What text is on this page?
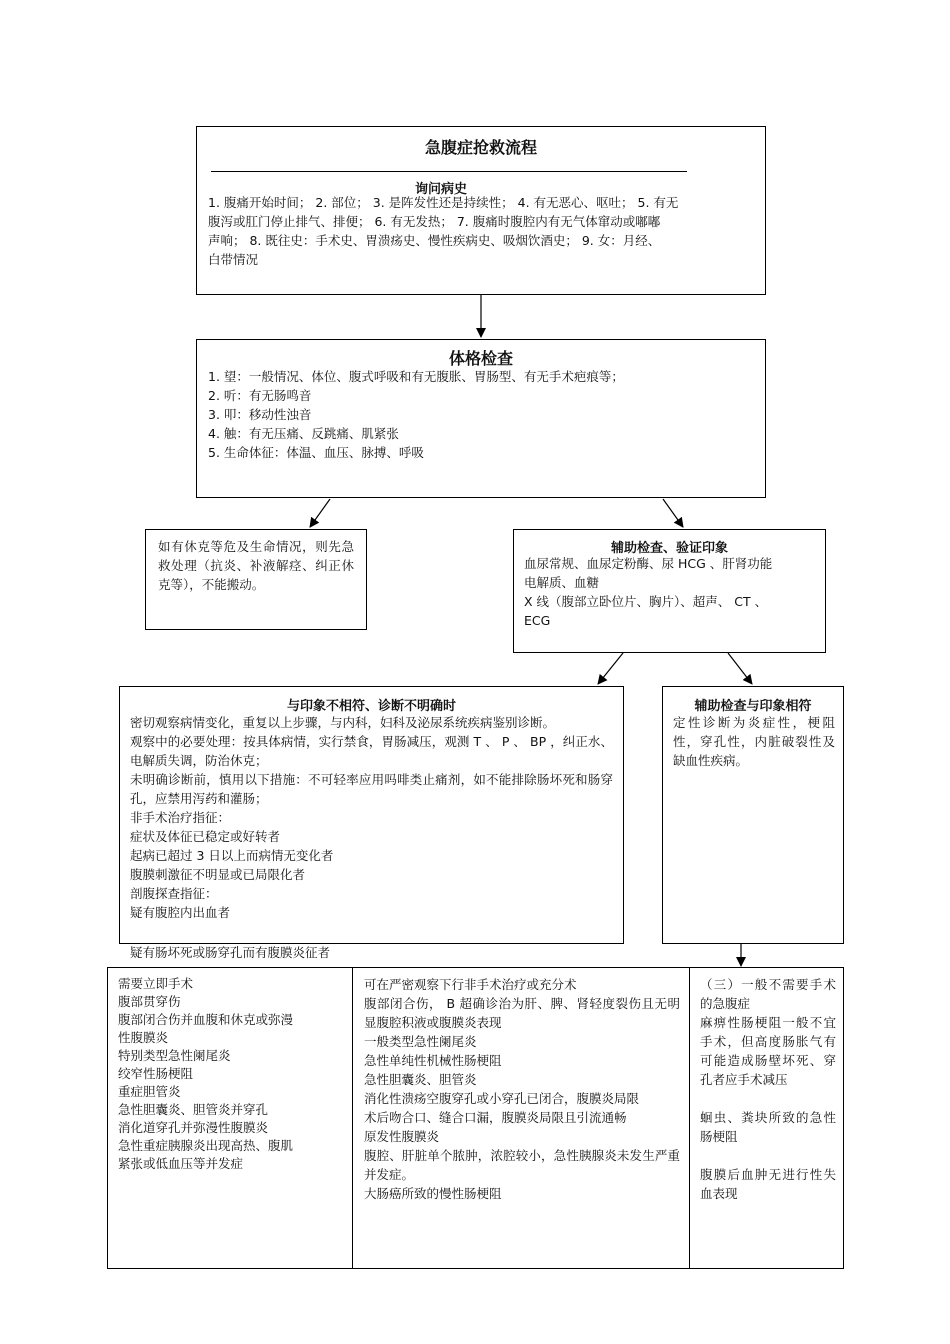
急腹症抢救流程
询问病史
1. 腹痛开始时间； 2. 部位； 3. 是阵发性还是持续性； 4. 有无恶心、呕吐； 5. 有无
腹泻或肛门停止排气、排便； 6. 有无发热； 7. 腹痛时腹腔内有无气体窜动或嘟嘟
声响； 8. 既往史：手术史、胃溃疡史、慢性疾病史、吸烟饮酒史； 9. 女：月经、
白带情况
体格检查
1. 望：一般情况、体位、腹式呼吸和有无腹胀、胃肠型、有无手术疤痕等；
2. 听：有无肠鸣音
3. 叩：移动性浊音
4. 触：有无压痛、反跳痛、肌紧张
5. 生命体征：体温、血压、脉搏、呼吸
如有休克等危及生命情况，则先急救处理（抗炎、补液解痉、纠正休克等），不能搬动。
辅助检查、验证印象
血尿常规、血尿定粉酶、尿 HCG 、肝肾功能
电解质、血糖
X 线（腹部立卧位片、胸片）、超声、 CT 、
ECG
与印象不相符、诊断不明确时
密切观察病情变化，重复以上步骤，与内科，妇科及泌尿系统疾病鉴别诊断。
观察中的必要处理：按具体病情，实行禁食，胃肠减压，观测 T 、 P 、 BP ，纠正水、电解质失调，防治休克；
未明确诊断前，慎用以下措施：不可轻率应用吗啡类止痛剂，如不能排除肠坏死和肠穿孔，应禁用泻药和灌肠；
非手术治疗指征：
症状及体征已稳定或好转者
起病已超过 3 日以上而病情无变化者
腹膜刺激征不明显或已局限化者
剖腹探查指征：
疑有腹腔内出血者
疑有肠坏死或肠穿孔而有腹膜炎征者
辅助检查与印象相符
定性诊断为炎症性，梗阻性，穿孔性，内脏破裂性及缺血性疾病。
需要立即手术
腹部贯穿伤
腹部闭合伤并血腹和休克或弥漫
性腹膜炎
特别类型急性阑尾炎
绞窄性肠梗阻
重症胆管炎
急性胆囊炎、胆管炎并穿孔
消化道穿孔并弥漫性腹膜炎
急性重症胰腺炎出现高热、腹肌
紧张或低血压等并发症
可在严密观察下行非手术治疗或充分术
腹部闭合伤， B 超确诊治为肝、脾、肾轻度裂伤且无明显腹腔积液或腹膜炎表现
一般类型急性阑尾炎
急性单纯性机械性肠梗阻
急性胆囊炎、胆管炎
消化性溃疡空腹穿孔或小穿孔已闭合，腹膜炎局限
术后吻合口、缝合口漏，腹膜炎局限且引流通畅
原发性腹膜炎
腹腔、肝脏单个脓肿，浓腔较小，急性胰腺炎未发生严重并发症。
大肠癌所致的慢性肠梗阻
（三）一般不需要手术的急腹症
麻痹性肠梗阻一般不宜手术，但高度肠胀气有可能造成肠壁坏死、穿孔者应手术减压
蛔虫、粪块所致的急性肠梗阻
腹膜后血肿无进行性失血表现
